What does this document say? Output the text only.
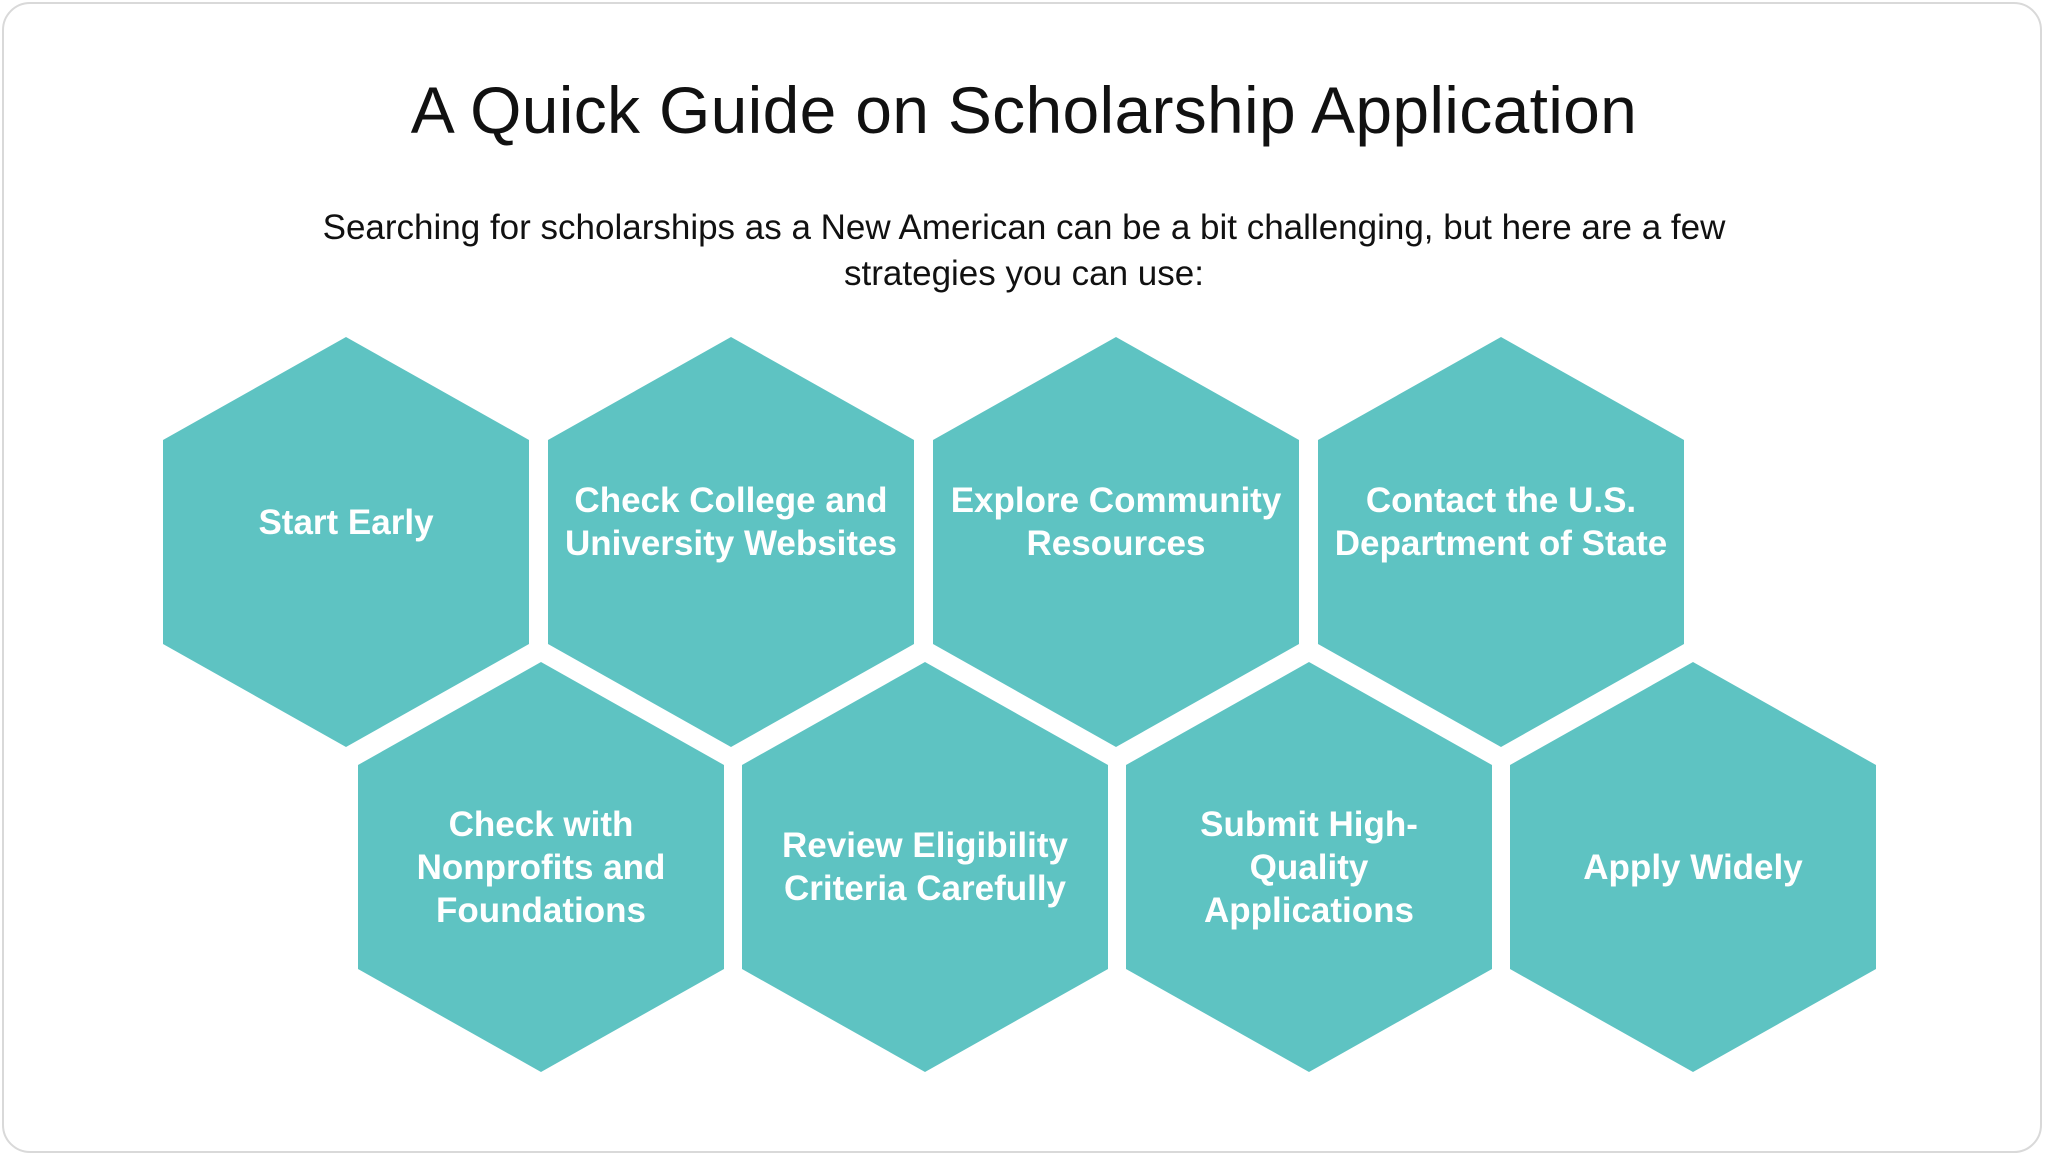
A Quick Guide on Scholarship Application
Searching for scholarships as a New American can be a bit challenging, but here are a few strategies you can use:
Start Early
Check College and University Websites
Explore Community Resources
Contact the U.S. Department of State
Check with Nonprofits and Foundations
Review Eligibility Criteria Carefully
Submit High-Quality Applications
Apply Widely
